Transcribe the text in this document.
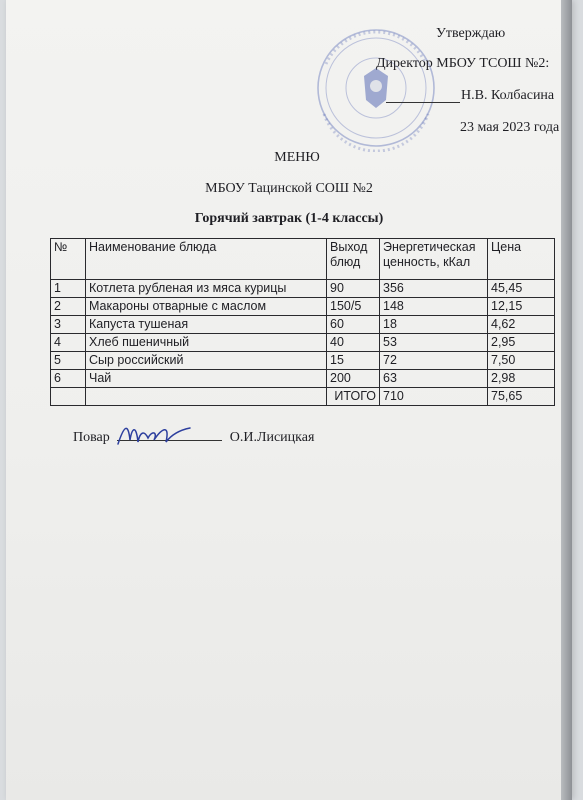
Утверждаю
Директор МБОУ ТСОШ №2:
Н.В. Колбасина
23 мая 2023 года
МЕНЮ
МБОУ Тацинской СОШ №2
Горячий завтрак (1-4 классы)
№	Наименование блюда	Выход блюд	Энергетическая ценность, кКал	Цена
1	Котлета рубленая из мяса курицы	90	356	45,45
2	Макароны отварные с маслом	150/5	148	12,15
3	Капуста тушеная	60	18	4,62
4	Хлеб пшеничный	40	53	2,95
5	Сыр российский	15	72	7,50
6	Чай	200	63	2,98
		ИТОГО	710	75,65
Повар	О.И.Лисицкая
